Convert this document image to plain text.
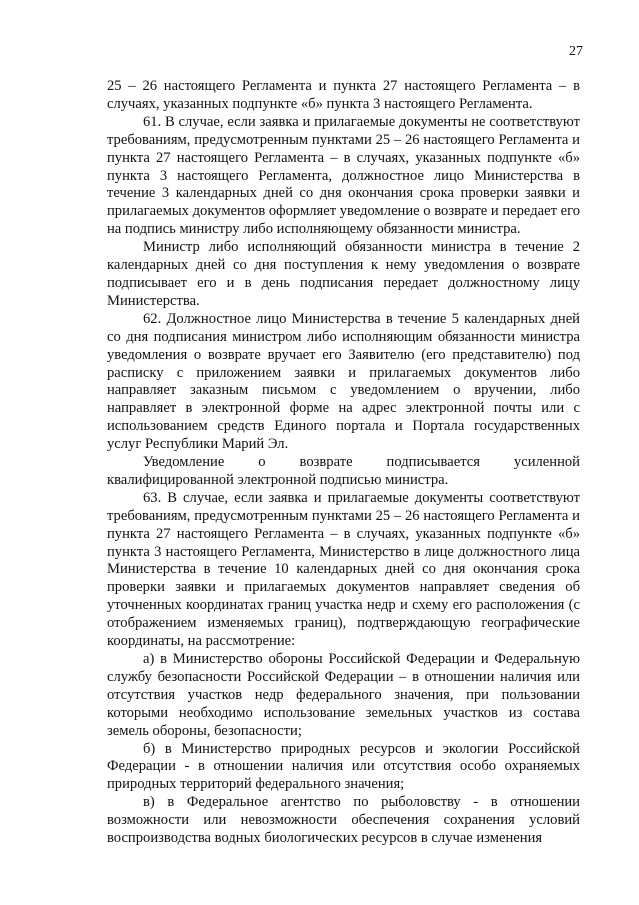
27

25 – 26 настоящего Регламента и пункта 27 настоящего Регламента – в случаях, указанных подпункте «б» пункта 3 настоящего Регламента.

61. В случае, если заявка и прилагаемые документы не соответствуют требованиям, предусмотренным пунктами 25 – 26 настоящего Регламента и пункта 27 настоящего Регламента – в случаях, указанных подпункте «б» пункта 3 настоящего Регламента, должностное лицо Министерства в течение 3 календарных дней со дня окончания срока проверки заявки и прилагаемых документов оформляет уведомление о возврате и передает его на подпись министру либо исполняющему обязанности министра.

Министр либо исполняющий обязанности министра в течение 2 календарных дней со дня поступления к нему уведомления о возврате подписывает его и в день подписания передает должностному лицу Министерства.

62. Должностное лицо Министерства в течение 5 календарных дней со дня подписания министром либо исполняющим обязанности министра уведомления о возврате вручает его Заявителю (его представителю) под расписку с приложением заявки и прилагаемых документов либо направляет заказным письмом с уведомлением о вручении, либо направляет в электронной форме на адрес электронной почты или с использованием средств Единого портала и Портала государственных услуг Республики Марий Эл.

Уведомление о возврате подписывается усиленной квалифицированной электронной подписью министра.

63. В случае, если заявка и прилагаемые документы соответствуют требованиям, предусмотренным пунктами 25 – 26 настоящего Регламента и пункта 27 настоящего Регламента – в случаях, указанных подпункте «б» пункта 3 настоящего Регламента, Министерство в лице должностного лица Министерства в течение 10 календарных дней со дня окончания срока проверки заявки и прилагаемых документов направляет сведения об уточненных координатах границ участка недр и схему его расположения (с отображением изменяемых границ), подтверждающую географические координаты, на рассмотрение:

а) в Министерство обороны Российской Федерации и Федеральную службу безопасности Российской Федерации – в отношении наличия или отсутствия участков недр федерального значения, при пользовании которыми необходимо использование земельных участков из состава земель обороны, безопасности;

б) в Министерство природных ресурсов и экологии Российской Федерации - в отношении наличия или отсутствия особо охраняемых природных территорий федерального значения;

в) в Федеральное агентство по рыболовству - в отношении возможности или невозможности обеспечения сохранения условий воспроизводства водных биологических ресурсов в случае изменения
